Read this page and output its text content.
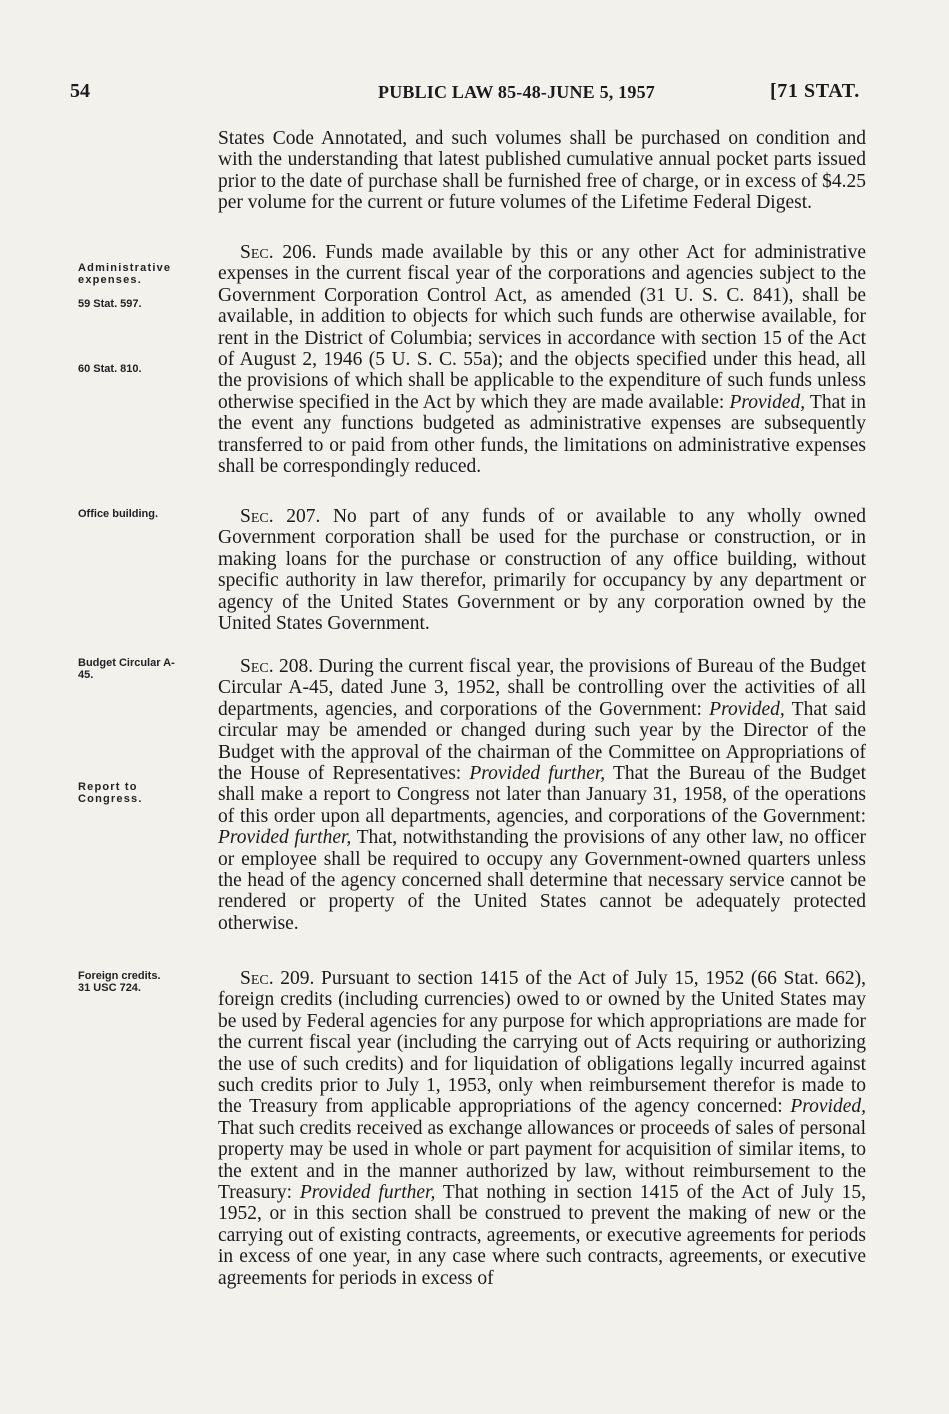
54	PUBLIC LAW 85-48-JUNE 5, 1957	[71 STAT.
Administrative expenses.
59 Stat. 597.
60 Stat. 810.
Office building.
Budget Circular A-45.
Report to Congress.
Foreign credits.
31 USC 724.
States Code Annotated, and such volumes shall be purchased on condition and with the understanding that latest published cumulative annual pocket parts issued prior to the date of purchase shall be furnished free of charge, or in excess of $4.25 per volume for the current or future volumes of the Lifetime Federal Digest.
Sec. 206. Funds made available by this or any other Act for administrative expenses in the current fiscal year of the corporations and agencies subject to the Government Corporation Control Act, as amended (31 U. S. C. 841), shall be available, in addition to objects for which such funds are otherwise available, for rent in the District of Columbia; services in accordance with section 15 of the Act of August 2, 1946 (5 U. S. C. 55a); and the objects specified under this head, all the provisions of which shall be applicable to the expenditure of such funds unless otherwise specified in the Act by which they are made available: Provided, That in the event any functions budgeted as administrative expenses are subsequently transferred to or paid from other funds, the limitations on administrative expenses shall be correspondingly reduced.
Sec. 207. No part of any funds of or available to any wholly owned Government corporation shall be used for the purchase or construction, or in making loans for the purchase or construction of any office building, without specific authority in law therefor, primarily for occupancy by any department or agency of the United States Government or by any corporation owned by the United States Government.
Sec. 208. During the current fiscal year, the provisions of Bureau of the Budget Circular A-45, dated June 3, 1952, shall be controlling over the activities of all departments, agencies, and corporations of the Government: Provided, That said circular may be amended or changed during such year by the Director of the Budget with the approval of the chairman of the Committee on Appropriations of the House of Representatives: Provided further, That the Bureau of the Budget shall make a report to Congress not later than January 31, 1958, of the operations of this order upon all departments, agencies, and corporations of the Government: Provided further, That, notwithstanding the provisions of any other law, no officer or employee shall be required to occupy any Government-owned quarters unless the head of the agency concerned shall determine that necessary service cannot be rendered or property of the United States cannot be adequately protected otherwise.
Sec. 209. Pursuant to section 1415 of the Act of July 15, 1952 (66 Stat. 662), foreign credits (including currencies) owed to or owned by the United States may be used by Federal agencies for any purpose for which appropriations are made for the current fiscal year (including the carrying out of Acts requiring or authorizing the use of such credits) and for liquidation of obligations legally incurred against such credits prior to July 1, 1953, only when reimbursement therefor is made to the Treasury from applicable appropriations of the agency concerned: Provided, That such credits received as exchange allowances or proceeds of sales of personal property may be used in whole or part payment for acquisition of similar items, to the extent and in the manner authorized by law, without reimbursement to the Treasury: Provided further, That nothing in section 1415 of the Act of July 15, 1952, or in this section shall be construed to prevent the making of new or the carrying out of existing contracts, agreements, or executive agreements for periods in excess of one year, in any case where such contracts, agreements, or executive agreements for periods in excess of
